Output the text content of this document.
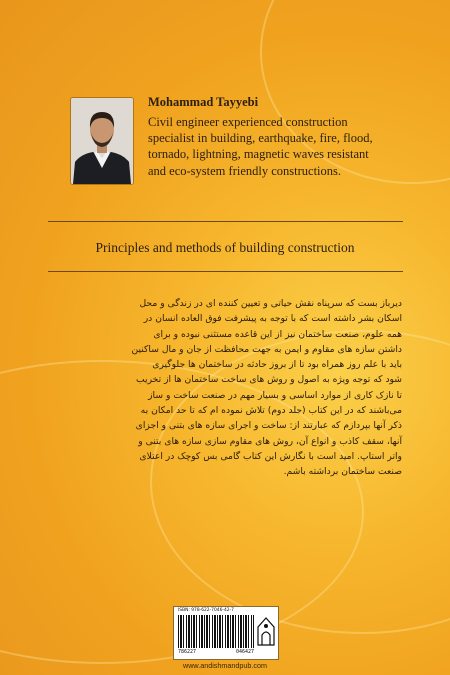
Mohammad Tayyebi
Civil engineer experienced construction
specialist in building, earthquake, fire, flood,
tornado, lightning, magnetic waves resistant
and eco-system friendly constructions.
Principles and methods of building construction
دیرباز بست که سرپناه نقش حیاتی و تعیین کننده ای در زندگی و محل
اسکان بشر داشته است که با توجه به پیشرفت فوق العاده انسان در
همه علوم، صنعت ساختمان نیز از این قاعده مستثنی نبوده و برای
داشتن سازه های مقاوم و ایمن به جهت محافظت از جان و مال ساکنین
باید با علم روز همراه بود تا از بروز حادثه در ساختمان ها جلوگیری
شود که توجه ویژه به اصول و روش های ساخت ساختمان ها از تخریب
تا نازک کاری از موارد اساسی و بسیار مهم در صنعت ساخت و ساز
می‌باشند که در این کتاب (جلد دوم) تلاش نموده ام که تا حد امکان به
ذکر آنها بپردازم که عبارتند از: ساخت و اجرای سازه های بتنی و اجزای
آنها، سقف کاذب و انواع آن، روش های مقاوم سازی سازه های بتنی و
واتر استاپ. امید است با نگارش این کتاب گامی بس کوچک در اعتلای
صنعت ساختمان برداشته باشم.
ISBN: 978-622-7046-42-7
786227	046427
www.andishmandpub.com
